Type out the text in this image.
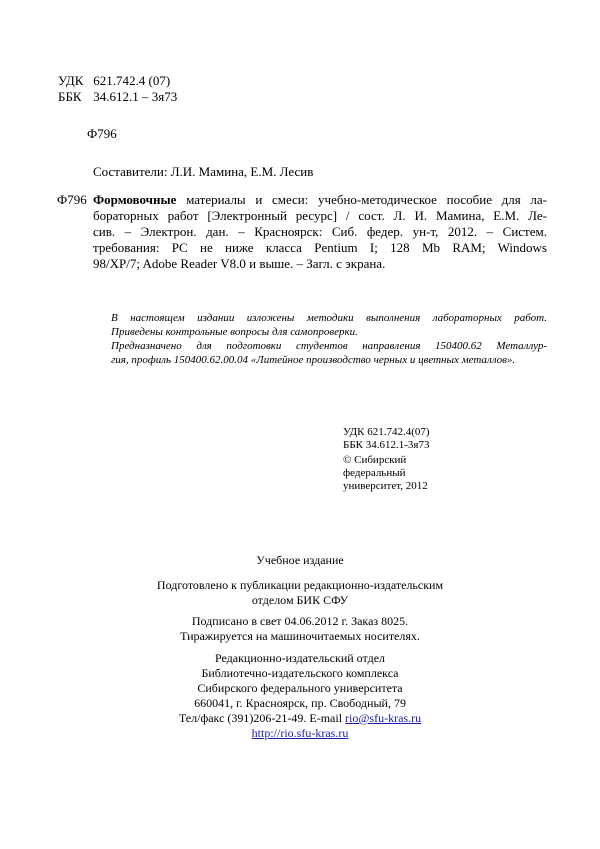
УДК 621.742.4 (07)
ББК 34.612.1 – 3я73
Ф796
Составители: Л.И. Мамина, Е.М. Лесив
Ф796 Формовочные материалы и смеси: учебно-методическое пособие для ла-
бораторных работ [Электронный ресурс] / сост. Л. И. Мамина, Е.М. Ле-
сив. – Электрон. дан. – Красноярск: Сиб. федер. ун-т, 2012. – Систем.
требования: PC не ниже класса Pentium I; 128 Mb RAM; Windows
98/XP/7; Adobe Reader V8.0 и выше. – Загл. с экрана.
В настоящем издании изложены методики выполнения лабораторных работ.
Приведены контрольные вопросы для самопроверки.
Предназначено для подготовки студентов направления 150400.62 Металлур-
гия, профиль 150400.62.00.04 «Литейное производство черных и цветных металлов».
УДК 621.742.4(07)
ББК 34.612.1-3я73
© Сибирский
федеральный
университет, 2012
Учебное издание
Подготовлено к публикации редакционно-издательским
отделом БИК СФУ
Подписано в свет 04.06.2012 г. Заказ 8025.
Тиражируется на машиночитаемых носителях.
Редакционно-издательский отдел
Библиотечно-издательского комплекса
Сибирского федерального университета
660041, г. Красноярск, пр. Свободный, 79
Тел/факс (391)206-21-49. E-mail rio@sfu-kras.ru
http://rio.sfu-kras.ru
